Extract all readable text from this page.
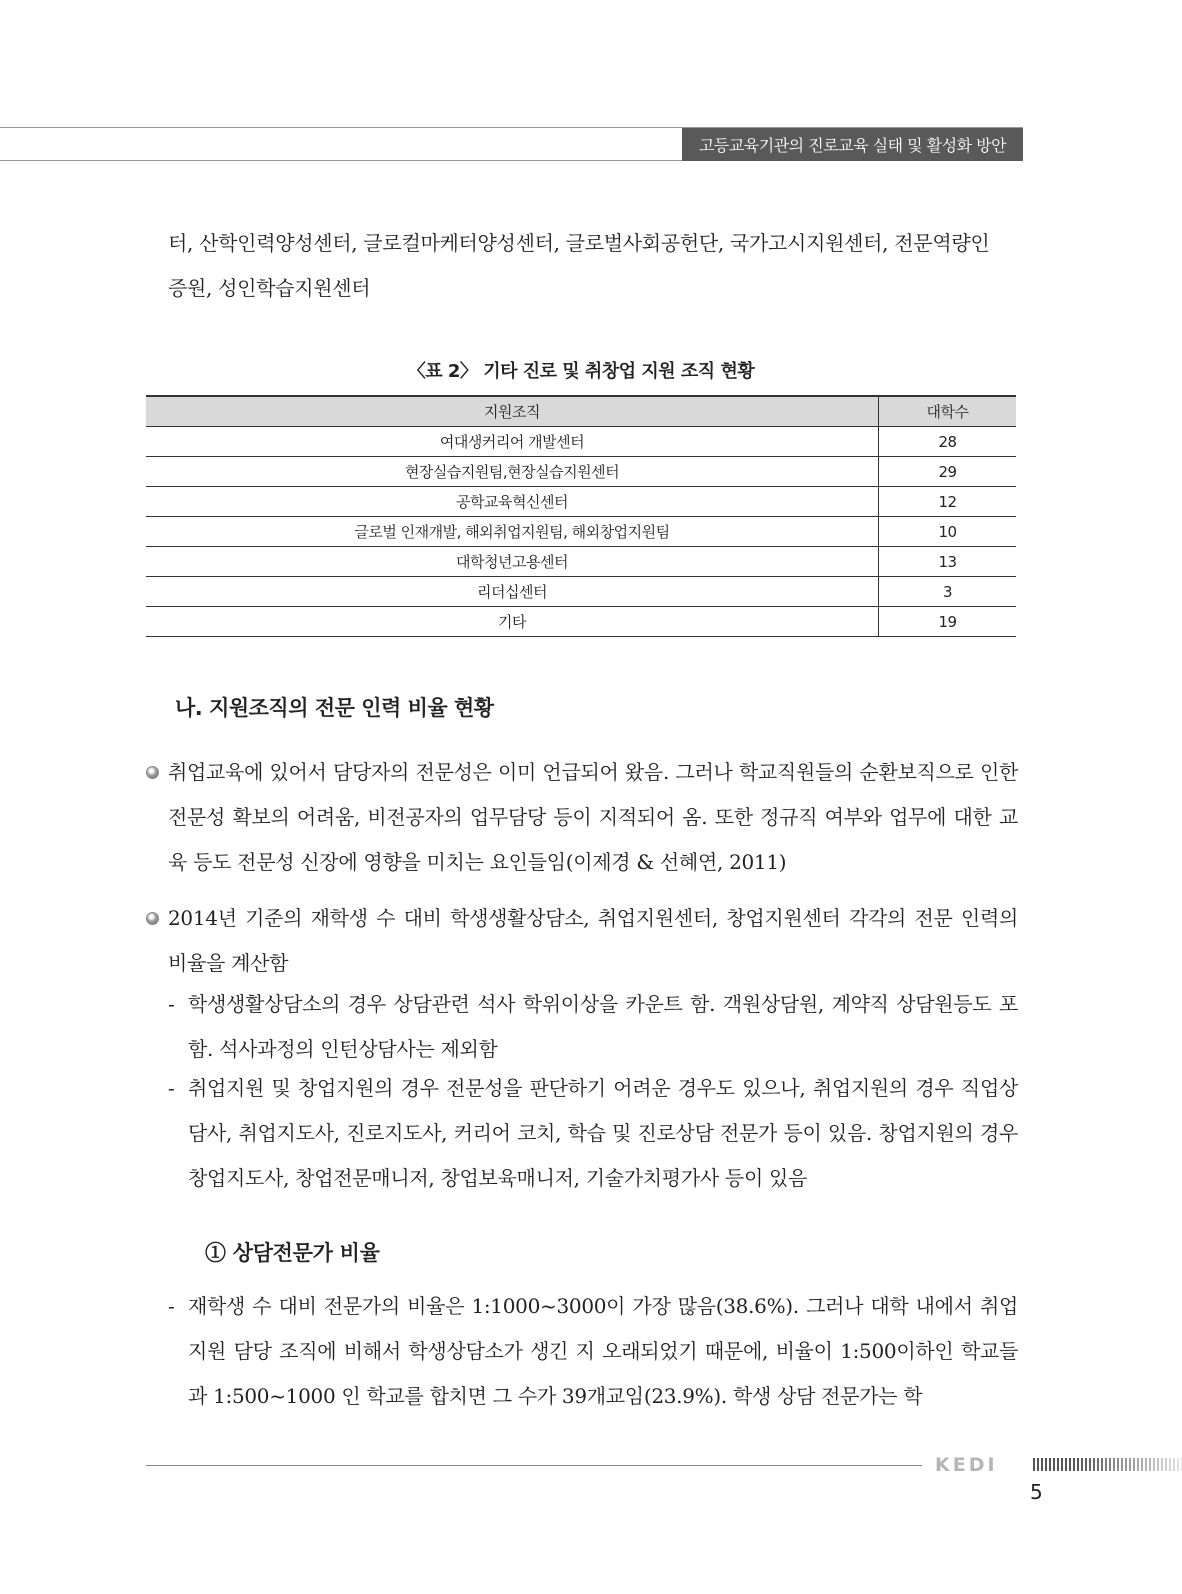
고등교육기관의 진로교육 실태 및 활성화 방안
터, 산학인력양성센터, 글로컬마케터양성센터, 글로벌사회공헌단, 국가고시지원센터, 전문역량인
증원, 성인학습지원센터
〈표 2〉 기타 진로 및 취창업 지원 조직 현황
지원조직	대학수
여대생커리어 개발센터	28
현장실습지원팀,현장실습지원센터	29
공학교육혁신센터	12
글로벌 인재개발, 해외취업지원팀, 해외창업지원팀	10
대학청년고용센터	13
리더십센터	3
기타	19
나. 지원조직의 전문 인력 비율 현황
취업교육에 있어서 담당자의 전문성은 이미 언급되어 왔음. 그러나 학교직원들의 순환보직으로 인한 전문성 확보의 어려움, 비전공자의 업무담당 등이 지적되어 옴. 또한 정규직 여부와 업무에 대한 교육 등도 전문성 신장에 영향을 미치는 요인들임(이제경 & 선혜연, 2011)
2014년 기준의 재학생 수 대비 학생생활상담소, 취업지원센터, 창업지원센터 각각의 전문 인력의 비율을 계산함
- 학생생활상담소의 경우 상담관련 석사 학위이상을 카운트 함. 객원상담원, 계약직 상담원등도 포함. 석사과정의 인턴상담사는 제외함
- 취업지원 및 창업지원의 경우 전문성을 판단하기 어려운 경우도 있으나, 취업지원의 경우 직업상담사, 취업지도사, 진로지도사, 커리어 코치, 학습 및 진로상담 전문가 등이 있음. 창업지원의 경우 창업지도사, 창업전문매니저, 창업보육매니저, 기술가치평가사 등이 있음
① 상담전문가 비율
- 재학생 수 대비 전문가의 비율은 1:1000~3000이 가장 많음(38.6%). 그러나 대학 내에서 취업지원 담당 조직에 비해서 학생상담소가 생긴 지 오래되었기 때문에, 비율이 1:500이하인 학교들과 1:500~1000 인 학교를 합치면 그 수가 39개교임(23.9%). 학생 상담 전문가는 학
KEDI
5
